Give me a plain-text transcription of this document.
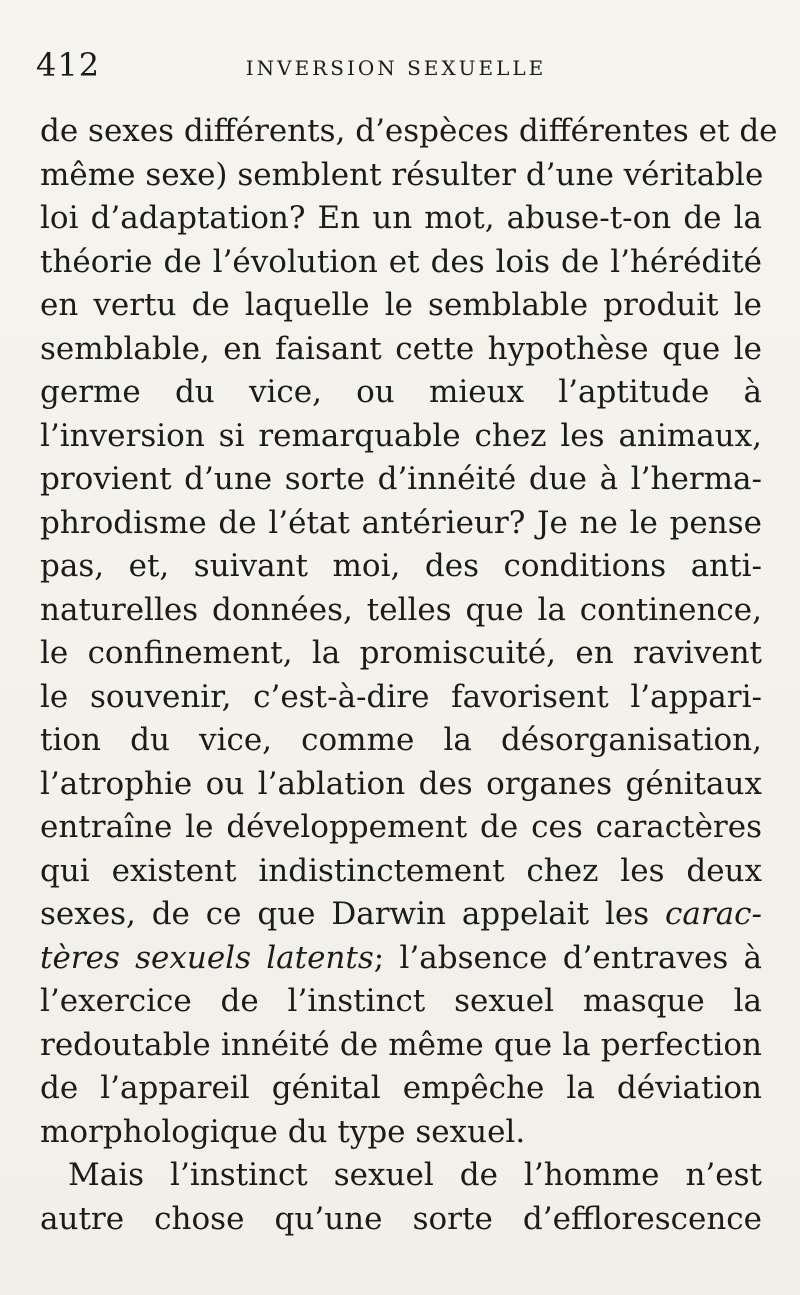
412	INVERSION SEXUELLE
de sexes différents, d’espèces différentes et de
même sexe) semblent résulter d’une véritable
loi d’adaptation? En un mot, abuse-t-on de la
théorie de l’évolution et des lois de l’hérédité
en vertu de laquelle le semblable produit le
semblable, en faisant cette hypothèse que le
germe du vice, ou mieux l’aptitude à
l’inversion si remarquable chez les animaux,
provient d’une sorte d’innéité due à l’herma-
phrodisme de l’état antérieur? Je ne le pense
pas, et, suivant moi, des conditions anti-
naturelles données, telles que la continence,
le confinement, la promiscuité, en ravivent
le souvenir, c’est-à-dire favorisent l’appari-
tion du vice, comme la désorganisation,
l’atrophie ou l’ablation des organes génitaux
entraîne le développement de ces caractères
qui existent indistinctement chez les deux
sexes, de ce que Darwin appelait les carac-
tères sexuels latents; l’absence d’entraves à
l’exercice de l’instinct sexuel masque la
redoutable innéité de même que la perfection
de l’appareil génital empêche la déviation
morphologique du type sexuel.
Mais l’instinct sexuel de l’homme n’est
autre chose qu’une sorte d’efflorescence
